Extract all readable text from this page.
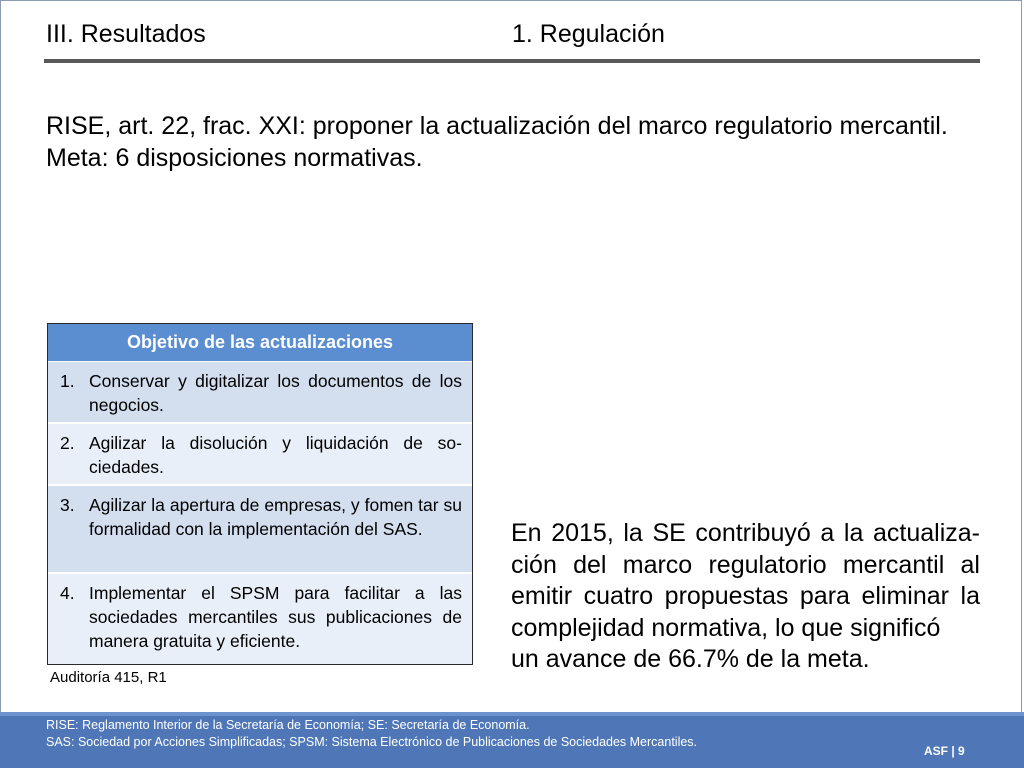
III. Resultados	1. Regulación
RISE, art. 22, frac. XXI: proponer la actualización del marco regulatorio mercantil.
Meta: 6 disposiciones normativas.
Objetivo de las actualizaciones
1. Conservar y digitalizar los documentos de los negocios.
2. Agilizar la disolución y liquidación de so-ciedades.
3. Agilizar la apertura de empresas, y fomen tar su formalidad con la implementación del SAS.
4. Implementar el SPSM para facilitar a las sociedades mercantiles sus publicaciones de manera gratuita y eficiente.
Auditoría 415, R1
En 2015, la SE contribuyó a la actualiza-ción del marco regulatorio mercantil al emitir cuatro propuestas para eliminar la complejidad normativa, lo que significó
un avance de 66.7% de la meta.
RISE: Reglamento Interior de la Secretaría de Economía; SE: Secretaría de Economía.
SAS: Sociedad por Acciones Simplificadas; SPSM: Sistema Electrónico de Publicaciones de Sociedades Mercantiles.
ASF | 9
